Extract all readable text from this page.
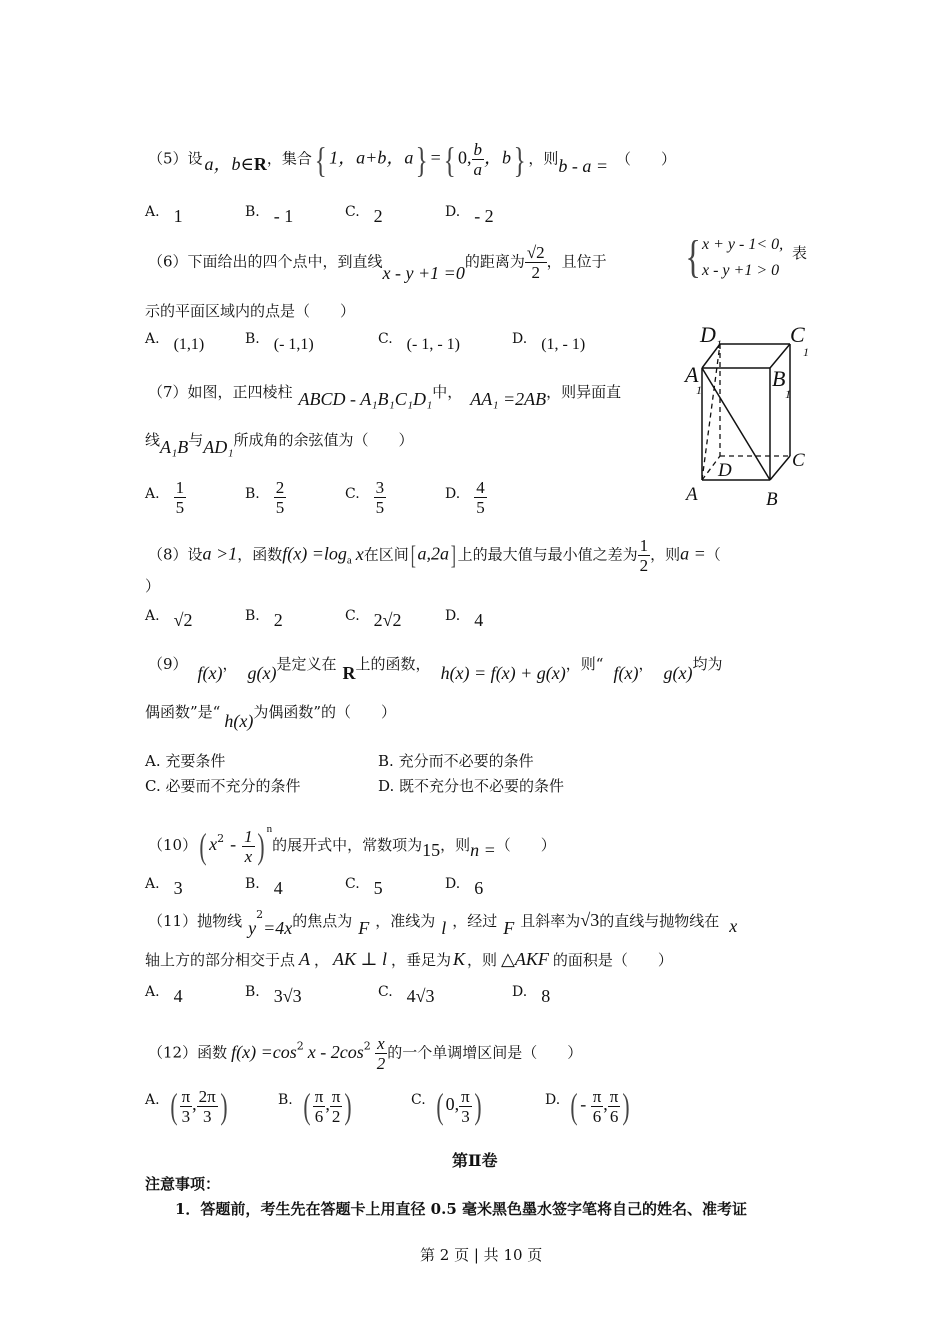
（5）设 a，b∈R，集合{ 1，a+b，a} ={ 0, $\frac{b}{a}$ ，b} ，则b - a = （　　）
A. 1	B. - 1	C. 2	D. - 2
（6）下面给出的四个点中，到直线x - y +1 =0的距离为 $\frac{√2}{2}$ ，且位于 { x + y - 1< 0,
x - y +1 > 0
表
示的平面区域内的点是（　　）
A. (1,1)	B. (- 1,1)	C. (- 1, - 1)	D. (1, - 1)
（7）如图，正四棱柱 ABCD - A₁B₁C₁D₁中， AA₁ =2AB，则异面直
线A₁B与AD₁所成角的余弦值为（　　）
A. $\frac{1}{5}$	B. $\frac{2}{5}$	C. $\frac{3}{5}$	D. $\frac{4}{5}$
D 1	C
1
A
1	B
1
D	C
A	B
（8）设a >1，函数$f(x) =\log_a$ x在区间[a,2a] 上的最大值与最小值之差为 $\frac{1}{2}$ ，则a =（
）
A. √2	B. 2	C. 2√2	D. 4
（9） f(x)， g(x)是定义在 R上的函数， h(x) = f(x) + g(x)，则“ f(x)， g(x)均为
偶函数”是“ h(x)为偶函数”的（　　）
A. 充要条件	B. 充分而不必要的条件
C. 必要而不充分的条件	D. 既不充分也不必要的条件
（10）( $x^2 - \frac{1}{x}$ ) $^n$的展开式中，常数项为15，则n =（　　）
A. 3	B. 4	C. 5	D. 6
（11）抛物线 $y^2=4x$的焦点为 F ，准线为 l ，经过 F 且斜率为√3的直线与抛物线在 x
轴上方的部分相交于点 A ， AK ⊥ l ，垂足为 K ，则 △AKF 的面积是（　　）
A. 4	B. 3√3	C. 4√3	D. 8
（12）函数 $f(x) =\cos^2$ x - $2\cos^2 \frac{x}{2}$ 的一个单调增区间是（　　）
A. ( $\frac{\pi}{3}$ , $\frac{2\pi}{3}$ )	B. ( $\frac{\pi}{6}$ , $\frac{\pi}{2}$ )	C. ( 0, $\frac{\pi}{3}$ )	D. ( - $\frac{\pi}{6}$ , $\frac{\pi}{6}$ )
第Ⅱ卷
注意事项：
1．答题前，考生先在答题卡上用直径 0.5 毫米黑色墨水签字笔将自己的姓名、准考证
第 2 页 | 共 10 页
